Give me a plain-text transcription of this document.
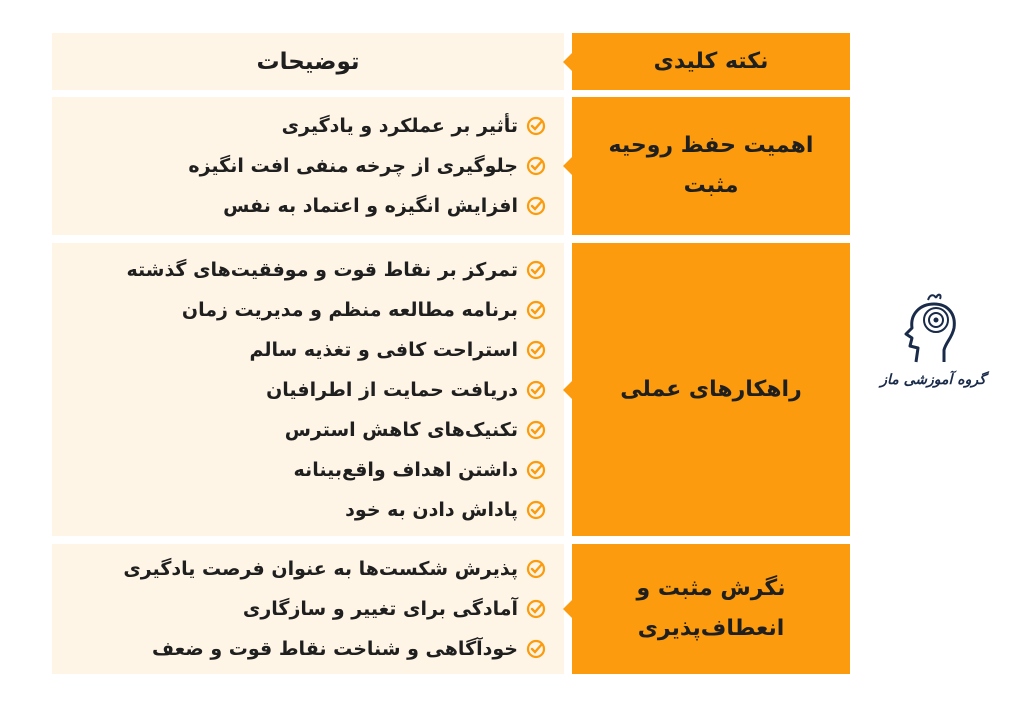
نکته کلیدی
توضیحات
اهمیت حفظ روحیه مثبت
تأثیر بر عملکرد و یادگیری
جلوگیری از چرخه منفی افت انگیزه
افزایش انگیزه و اعتماد به نفس
راهکارهای عملی
تمرکز بر نقاط قوت و موفقیت‌های گذشته
برنامه مطالعه منظم و مدیریت زمان
استراحت کافی و تغذیه سالم
دریافت حمایت از اطرافیان
تکنیک‌های کاهش استرس
داشتن اهداف واقع‌بینانه
پاداش دادن به خود
نگرش مثبت و انعطاف‌پذیری
پذیرش شکست‌ها به عنوان فرصت یادگیری
آمادگی برای تغییر و سازگاری
خودآگاهی و شناخت نقاط قوت و ضعف
گروه آموزشی ماز
